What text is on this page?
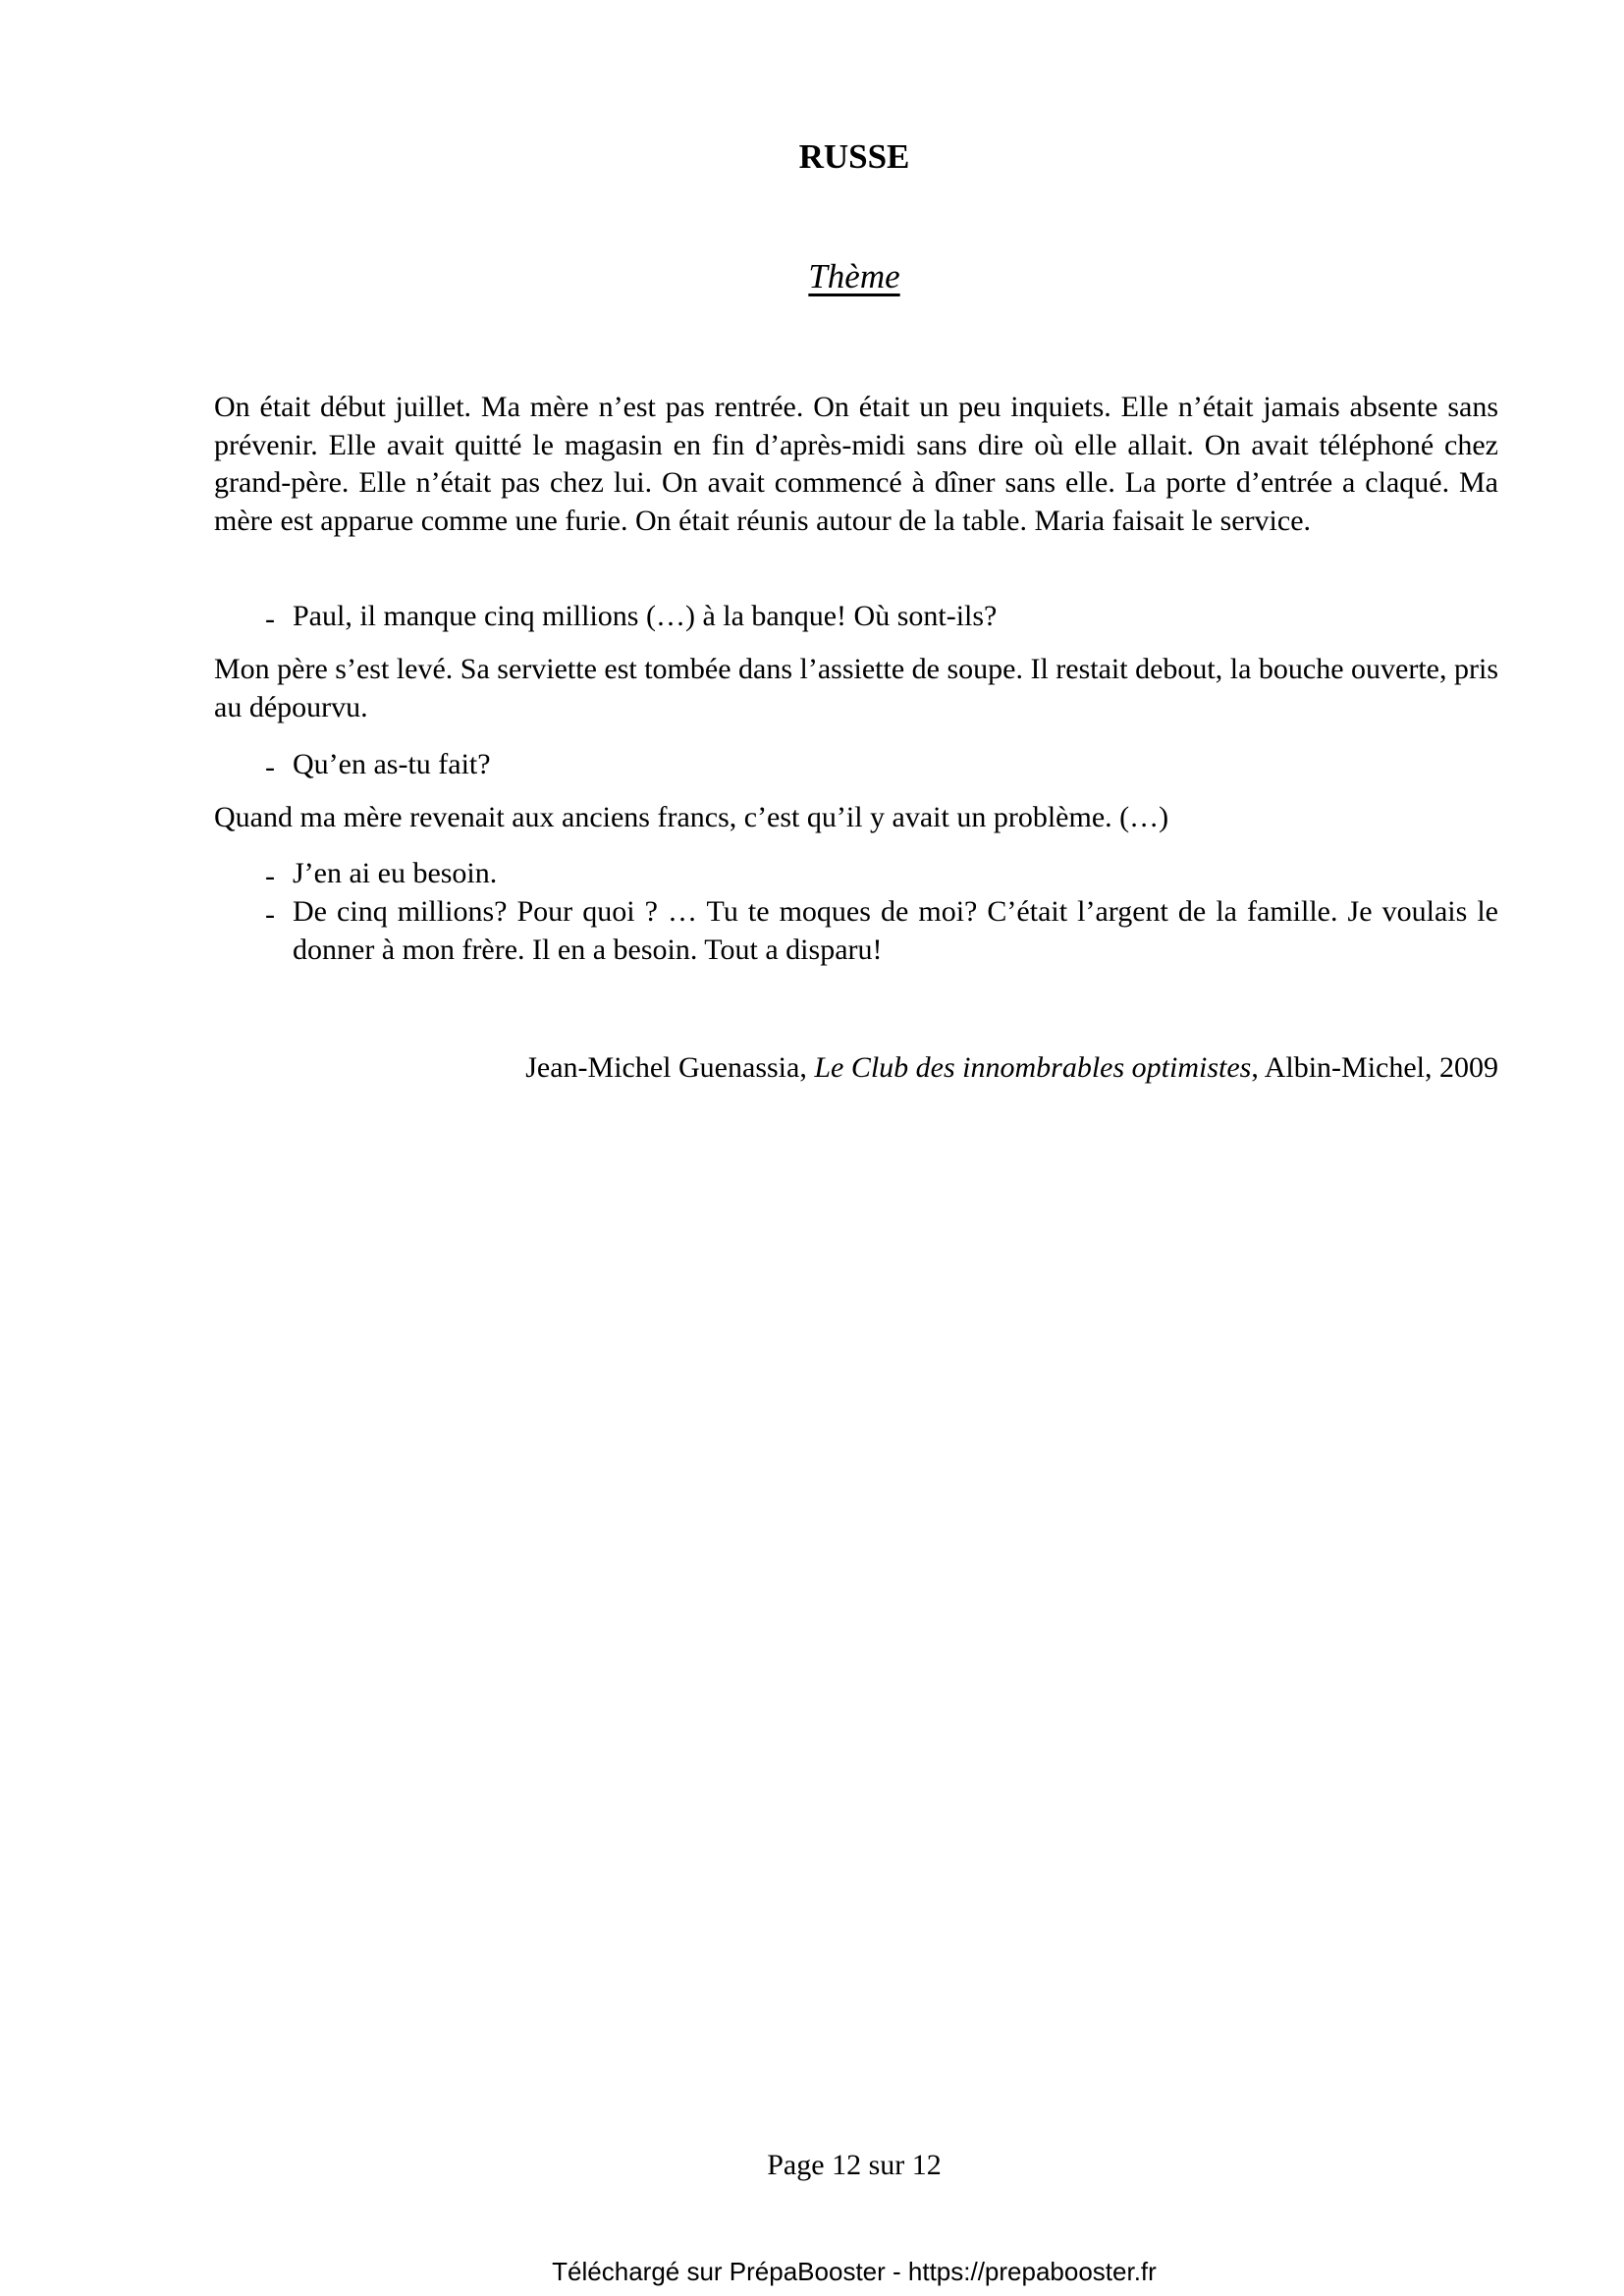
RUSSE
Thème
On était début juillet. Ma mère n’est pas rentrée. On était un peu inquiets. Elle n’était jamais absente sans prévenir. Elle avait quitté le magasin en fin d’après-midi sans dire où elle allait. On avait téléphoné chez grand-père. Elle n’était pas chez lui. On avait commencé à dîner sans elle. La porte d’entrée a claqué. Ma mère est apparue comme une furie. On était réunis autour de la table. Maria faisait le service.
- Paul, il manque cinq millions (…) à la banque! Où sont-ils?
Mon père s’est levé. Sa serviette est tombée dans l’assiette de soupe. Il restait debout, la bouche ouverte, pris au dépourvu.
- Qu’en as-tu fait?
Quand ma mère revenait aux anciens francs, c’est qu’il y avait un problème. (…)
- J’en ai eu besoin.
- De cinq millions? Pour quoi ? … Tu te moques de moi? C’était l’argent de la famille. Je voulais le donner à mon frère. Il en a besoin. Tout a disparu!
Jean-Michel Guenassia, Le Club des innombrables optimistes, Albin-Michel, 2009
Page 12 sur 12
Téléchargé sur PrépaBooster - https://prepabooster.fr
